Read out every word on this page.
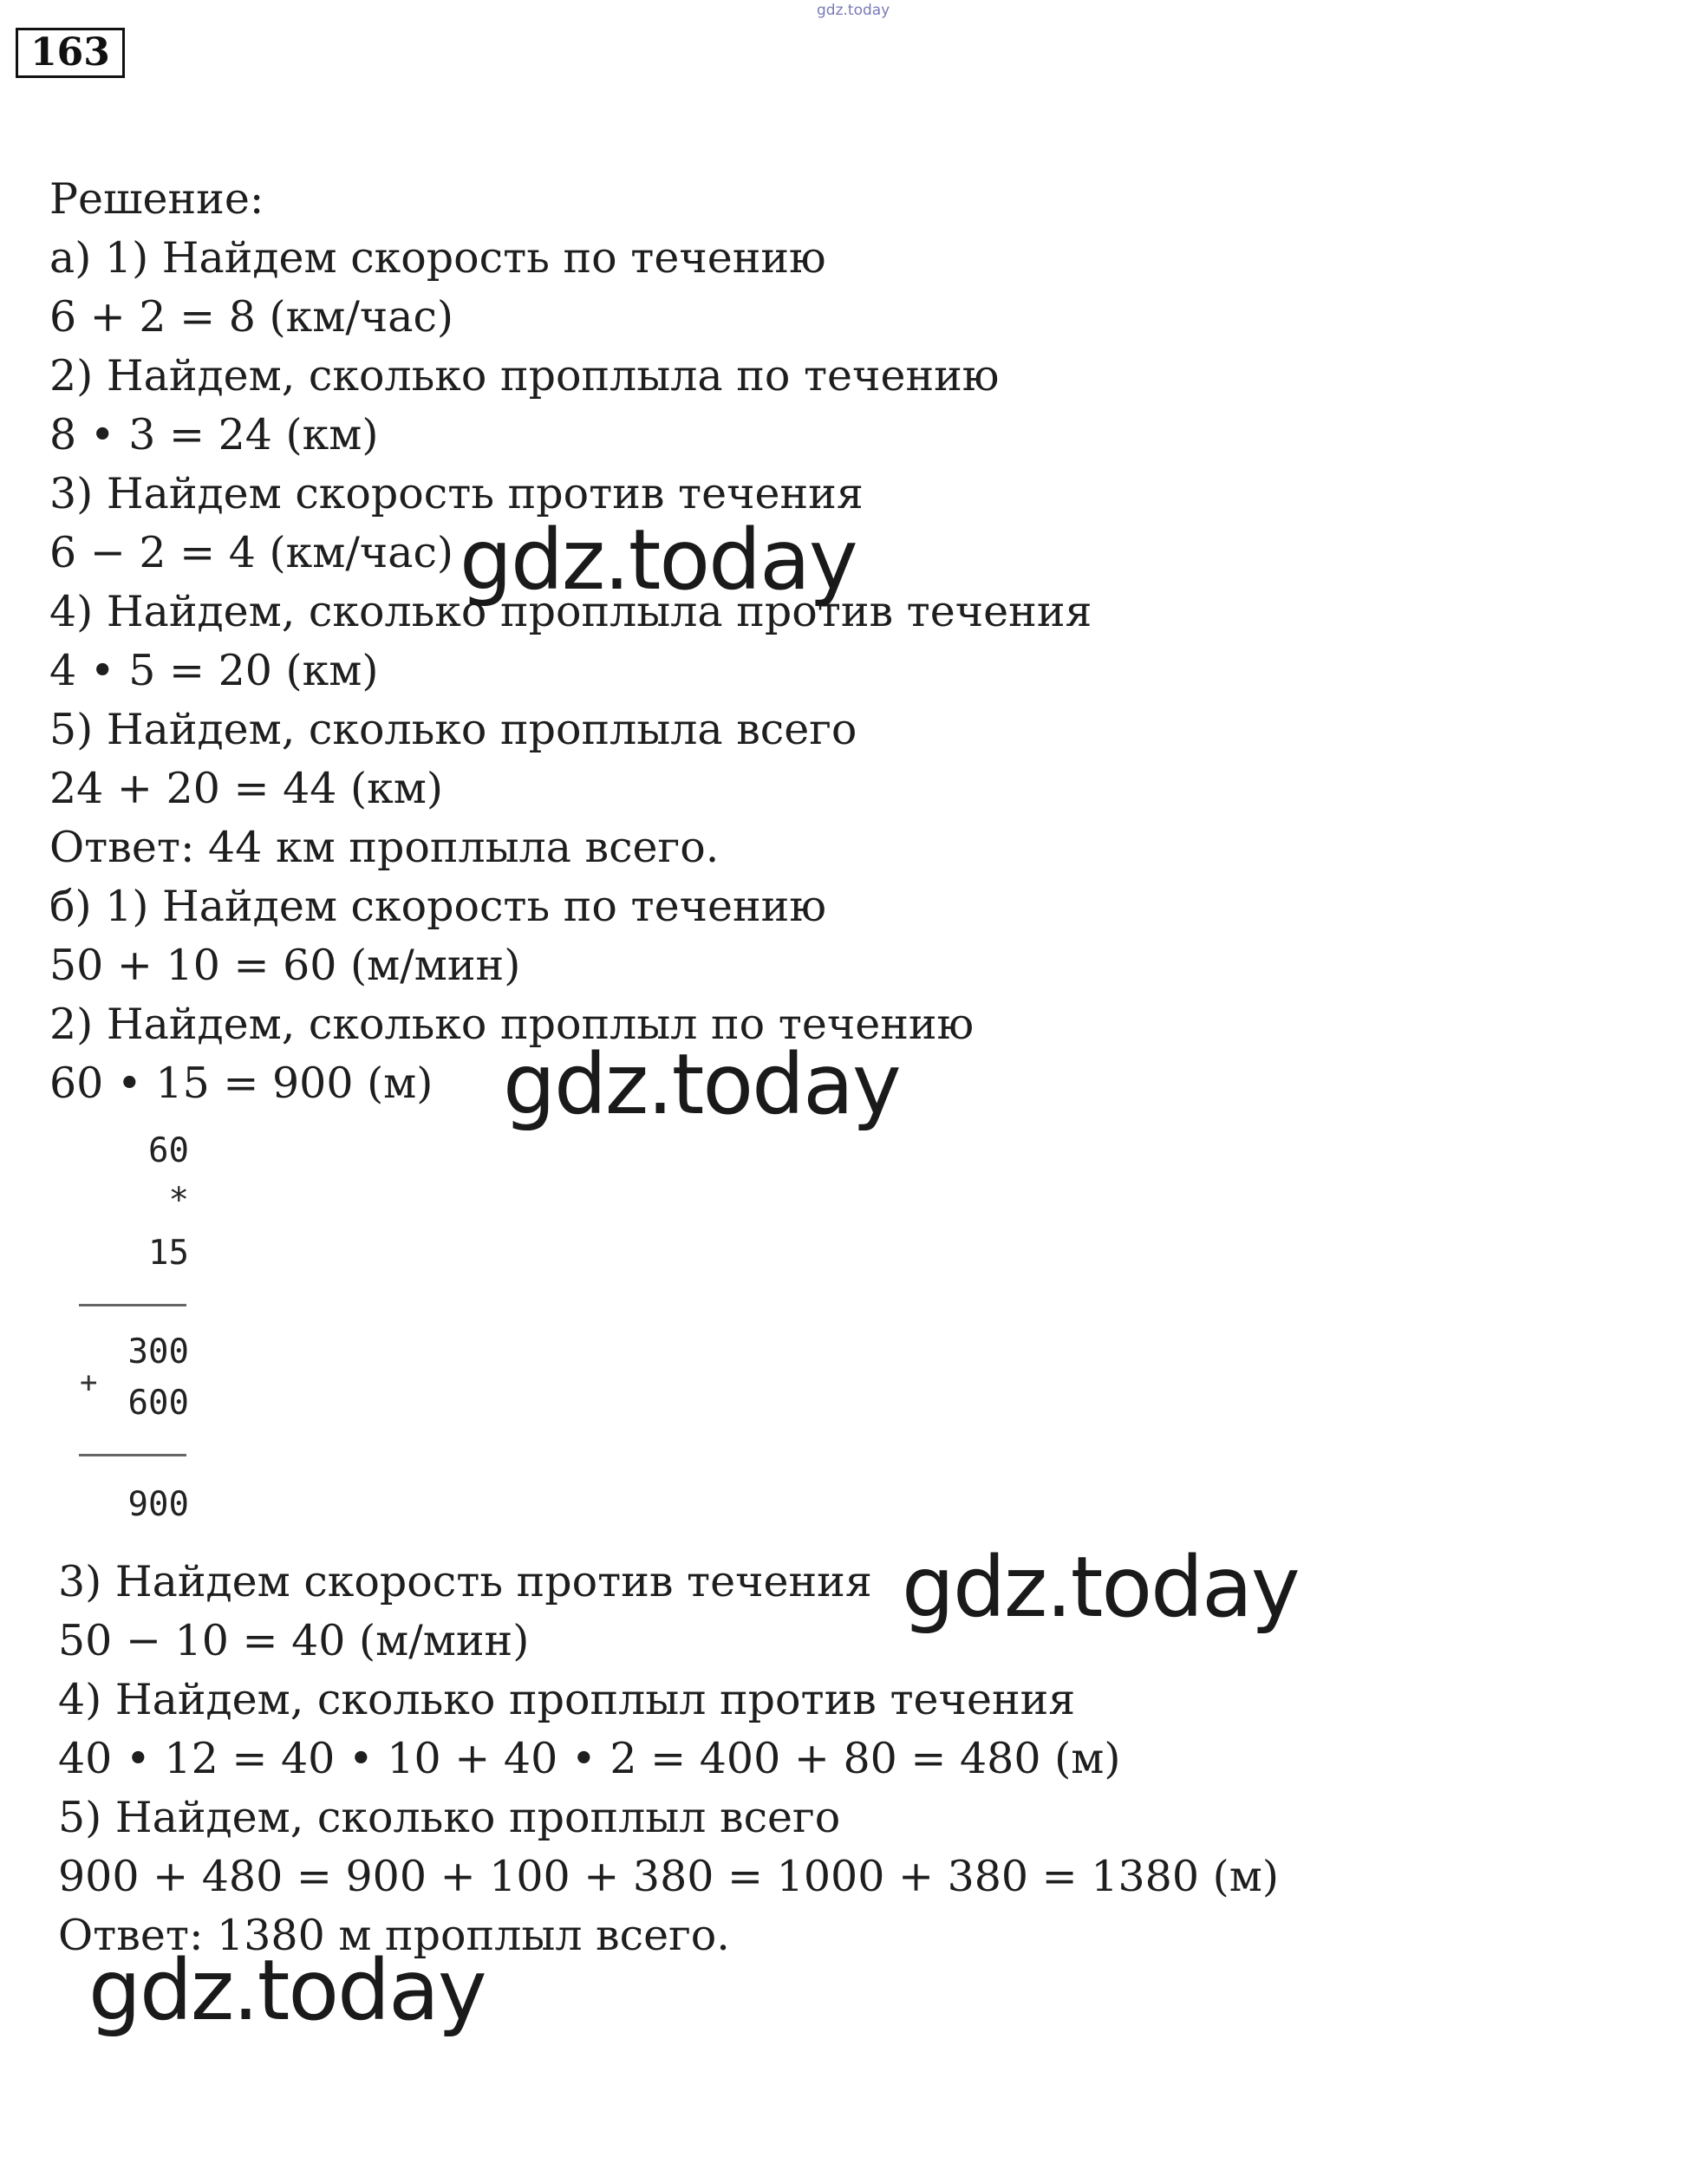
gdz.today
163
Решение:
а) 1) Найдем скорость по течению
6 + 2 = 8 (км/час)
2) Найдем, сколько проплыла по течению
8 • 3 = 24 (км)
3) Найдем скорость против течения
6 − 2 = 4 (км/час)
4) Найдем, сколько проплыла против течения
4 • 5 = 20 (км)
5) Найдем, сколько проплыла всего
24 + 20 = 44 (км)
Ответ: 44 км проплыла всего.
б) 1) Найдем скорость по течению
50 + 10 = 60 (м/мин)
2) Найдем, сколько проплыл по течению
60 • 15 = 900 (м)
60
*
15
300
+
600
900
3) Найдем скорость против течения
50 − 10 = 40 (м/мин)
4) Найдем, сколько проплыл против течения
40 • 12 = 40 • 10 + 40 • 2 = 400 + 80 = 480 (м)
5) Найдем, сколько проплыл всего
900 + 480 = 900 + 100 + 380 = 1000 + 380 = 1380 (м)
Ответ: 1380 м проплыл всего.
gdz.today
gdz.today
gdz.today
gdz.today
